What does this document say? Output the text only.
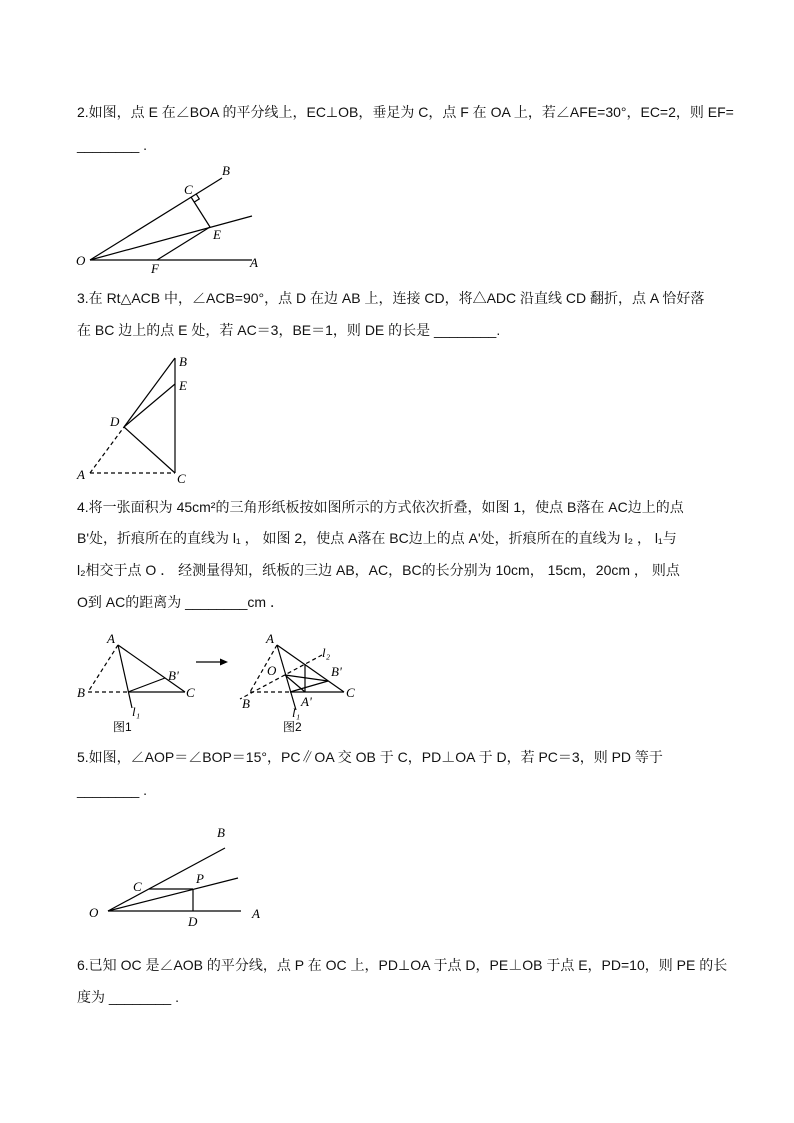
2.如图，点 E 在∠BOA 的平分线上，EC⊥OB，垂足为 C，点 F 在 OA 上，若∠AFE=30°，EC=2，则 EF=
________ .
B
C
E
O
F	A
3.在 Rt△ACB 中，∠ACB=90°，点 D 在边 AB 上，连接 CD，将△ADC 沿直线 CD 翻折，点 A 恰好落
在 BC 边上的点 E 处，若 AC＝3，BE＝1，则 DE 的长是 ________.
B
E
D
A	C
4.将一张面积为 45cm²的三角形纸板按如图所示的方式依次折叠，如图 1，使点 B落在 AC边上的点
B'处，折痕所在的直线为 l₁ ， 如图 2，使点 A落在 BC边上的点 A'处，折痕所在的直线为 l₂ ， l₁与
l₂相交于点 O ． 经测量得知，纸板的三边 AB，AC，BC的长分别为 10cm， 15cm，20cm ， 则点
O到 AC的距离为 ________cm ．
A
B'
B	C
l₁
图1
A
l₂
O	B'
B	A'
C
l₁
图2
5.如图，∠AOP＝∠BOP＝15°，PC∥OA 交 OB 于 C，PD⊥OA 于 D，若 PC＝3，则 PD 等于
________ .
B
P
C
O
D
A
6.已知 OC 是∠AOB 的平分线，点 P 在 OC 上，PD⊥OA 于点 D，PE⊥OB 于点 E，PD=10，则 PE 的长
度为 ________ .
